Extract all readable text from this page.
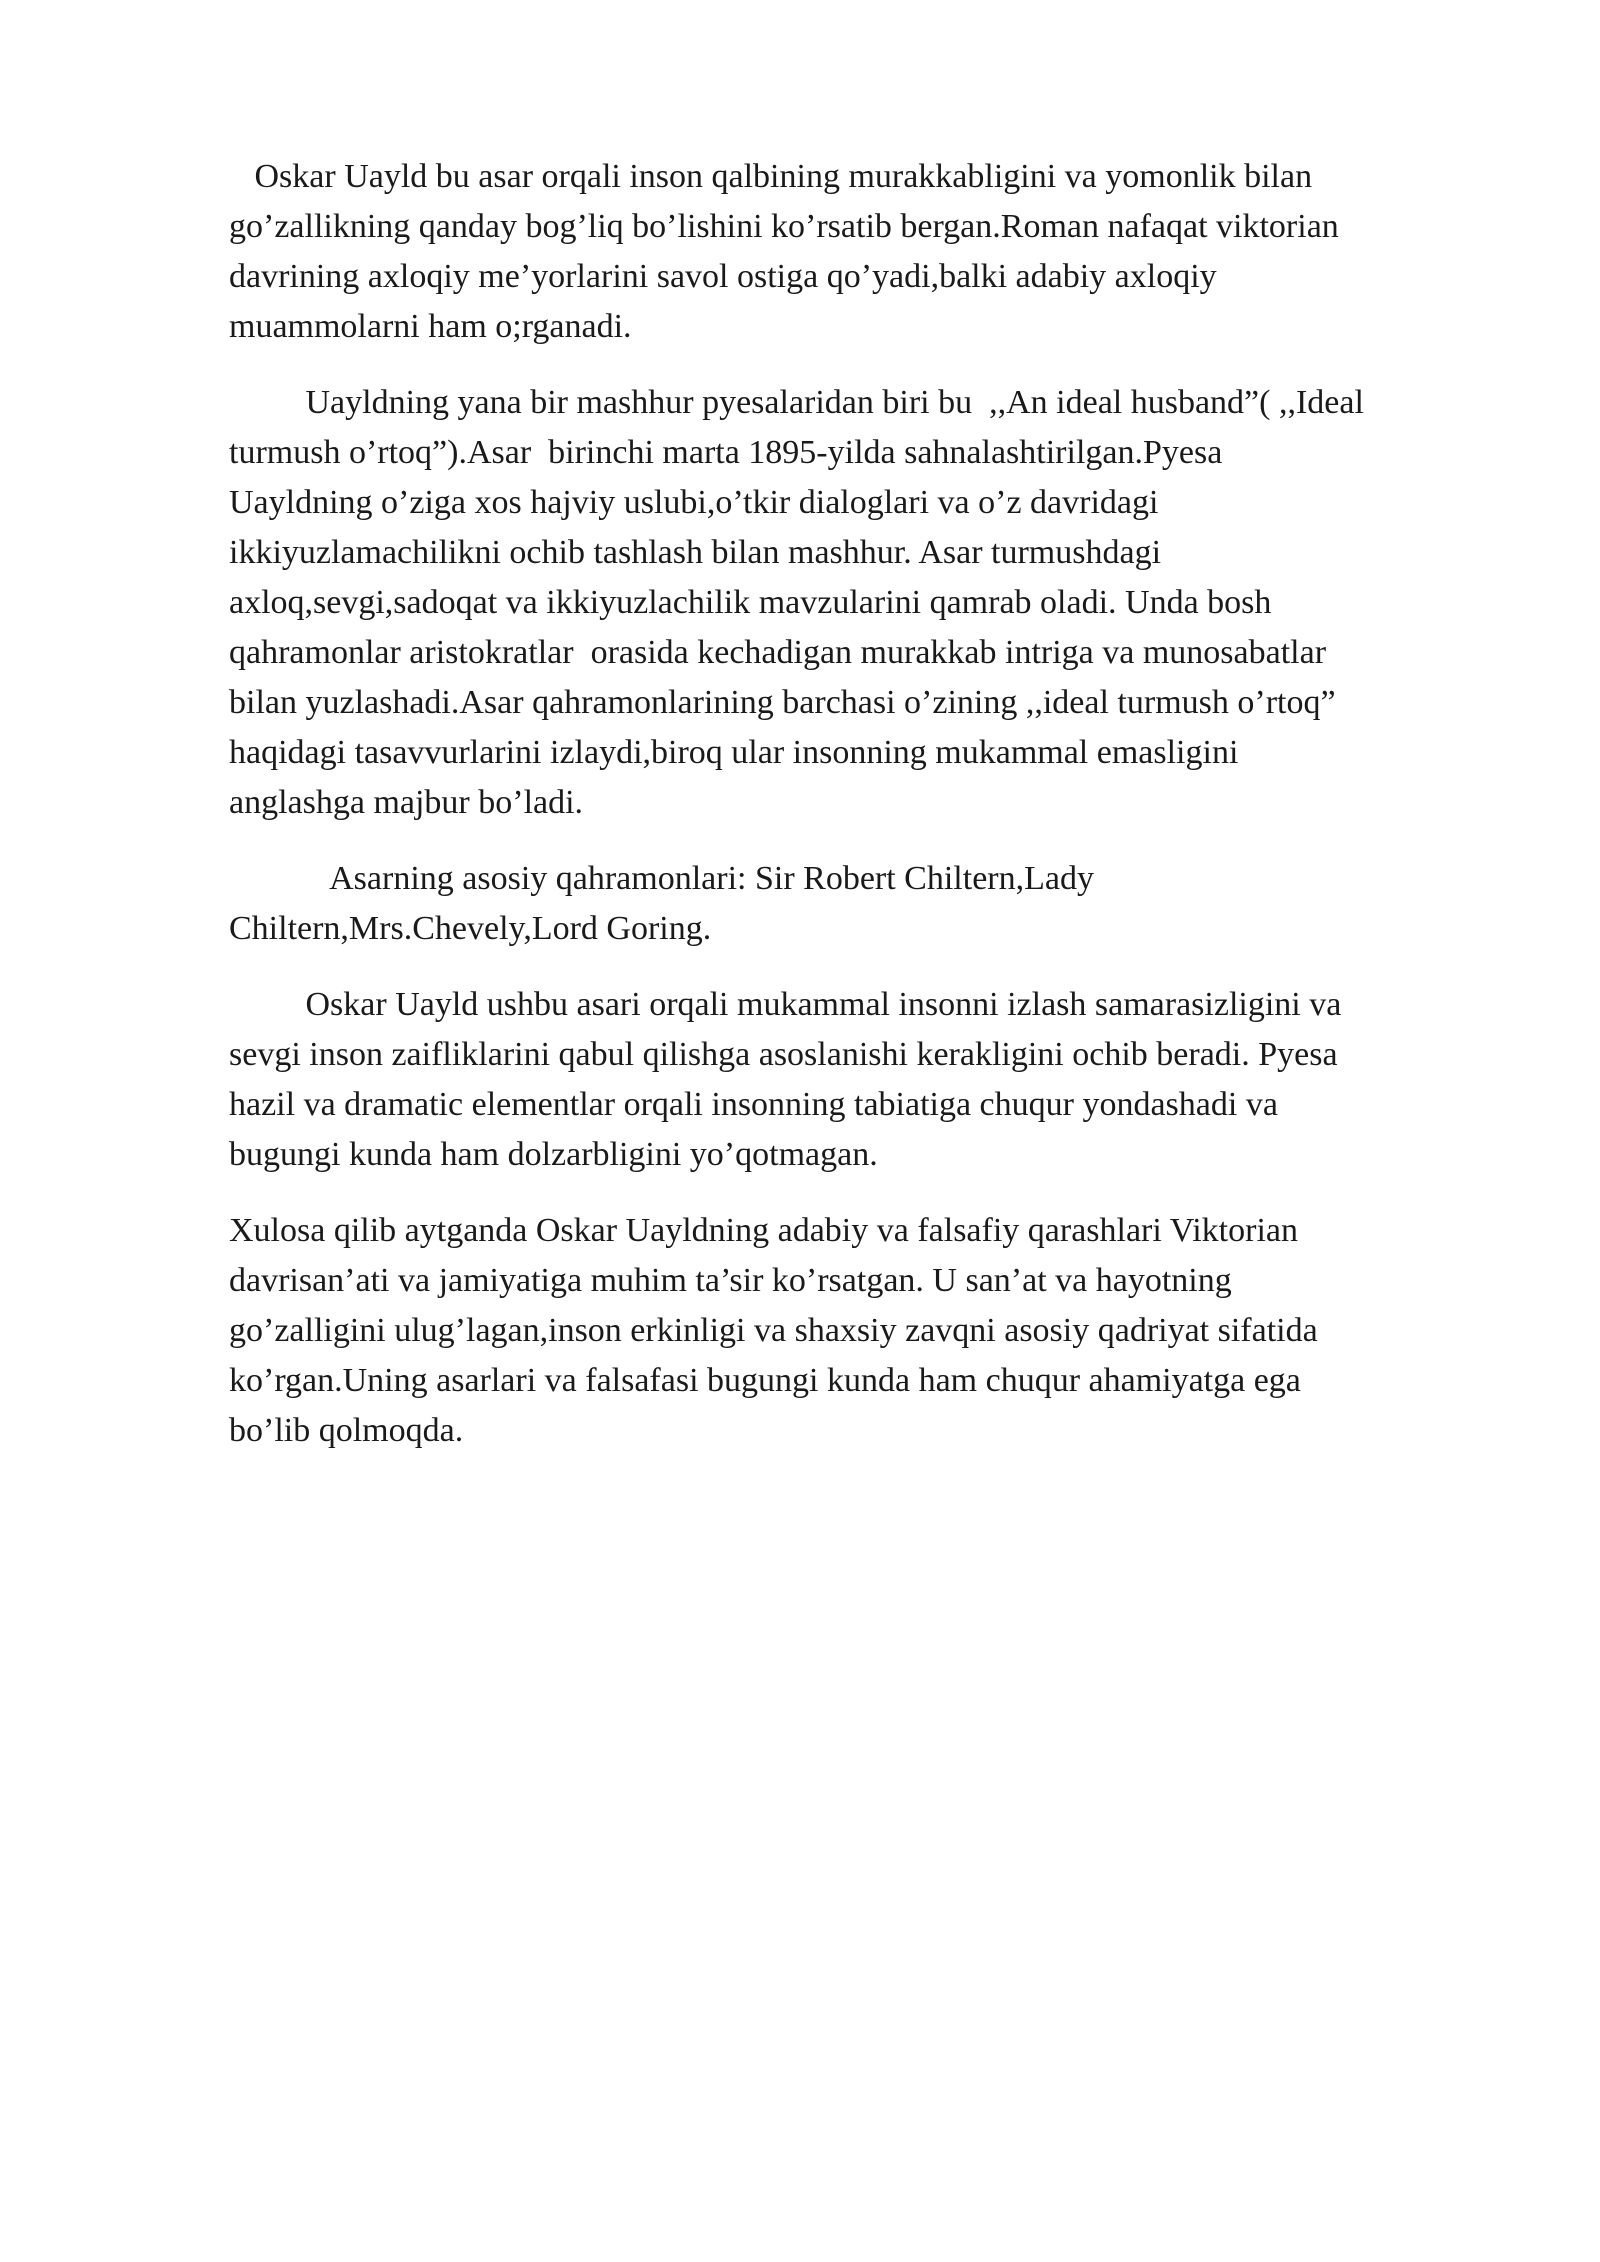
Oskar Uayld bu asar orqali inson qalbining murakkabligini va yomonlik bilan
go’zallikning qanday bog’liq bo’lishini ko’rsatib bergan.Roman nafaqat viktorian
davrining axloqiy me’yorlarini savol ostiga qo’yadi,balki adabiy axloqiy
muammolarni ham o;rganadi.

Uayldning yana bir mashhur pyesalaridan biri bu  ,,An ideal husband”( ,,Ideal
turmush o’rtoq”).Asar  birinchi marta 1895-yilda sahnalashtirilgan.Pyesa
Uayldning o’ziga xos hajviy uslubi,o’tkir dialoglari va o’z davridagi
ikkiyuzlamachilikni ochib tashlash bilan mashhur. Asar turmushdagi
axloq,sevgi,sadoqat va ikkiyuzlachilik mavzularini qamrab oladi. Unda bosh
qahramonlar aristokratlar  orasida kechadigan murakkab intriga va munosabatlar
bilan yuzlashadi.Asar qahramonlarining barchasi o’zining ,,ideal turmush o’rtoq”
haqidagi tasavvurlarini izlaydi,biroq ular insonning mukammal emasligini
anglashga majbur bo’ladi.

Asarning asosiy qahramonlari: Sir Robert Chiltern,Lady
Chiltern,Mrs.Chevely,Lord Goring.

Oskar Uayld ushbu asari orqali mukammal insonni izlash samarasizligini va
sevgi inson zaifliklarini qabul qilishga asoslanishi kerakligini ochib beradi. Pyesa
hazil va dramatic elementlar orqali insonning tabiatiga chuqur yondashadi va
bugungi kunda ham dolzarbligini yo’qotmagan.

Xulosa qilib aytganda Oskar Uayldning adabiy va falsafiy qarashlari Viktorian
davrisan’ati va jamiyatiga muhim ta’sir ko’rsatgan. U san’at va hayotning
go’zalligini ulug’lagan,inson erkinligi va shaxsiy zavqni asosiy qadriyat sifatida
ko’rgan.Uning asarlari va falsafasi bugungi kunda ham chuqur ahamiyatga ega
bo’lib qolmoqda.
